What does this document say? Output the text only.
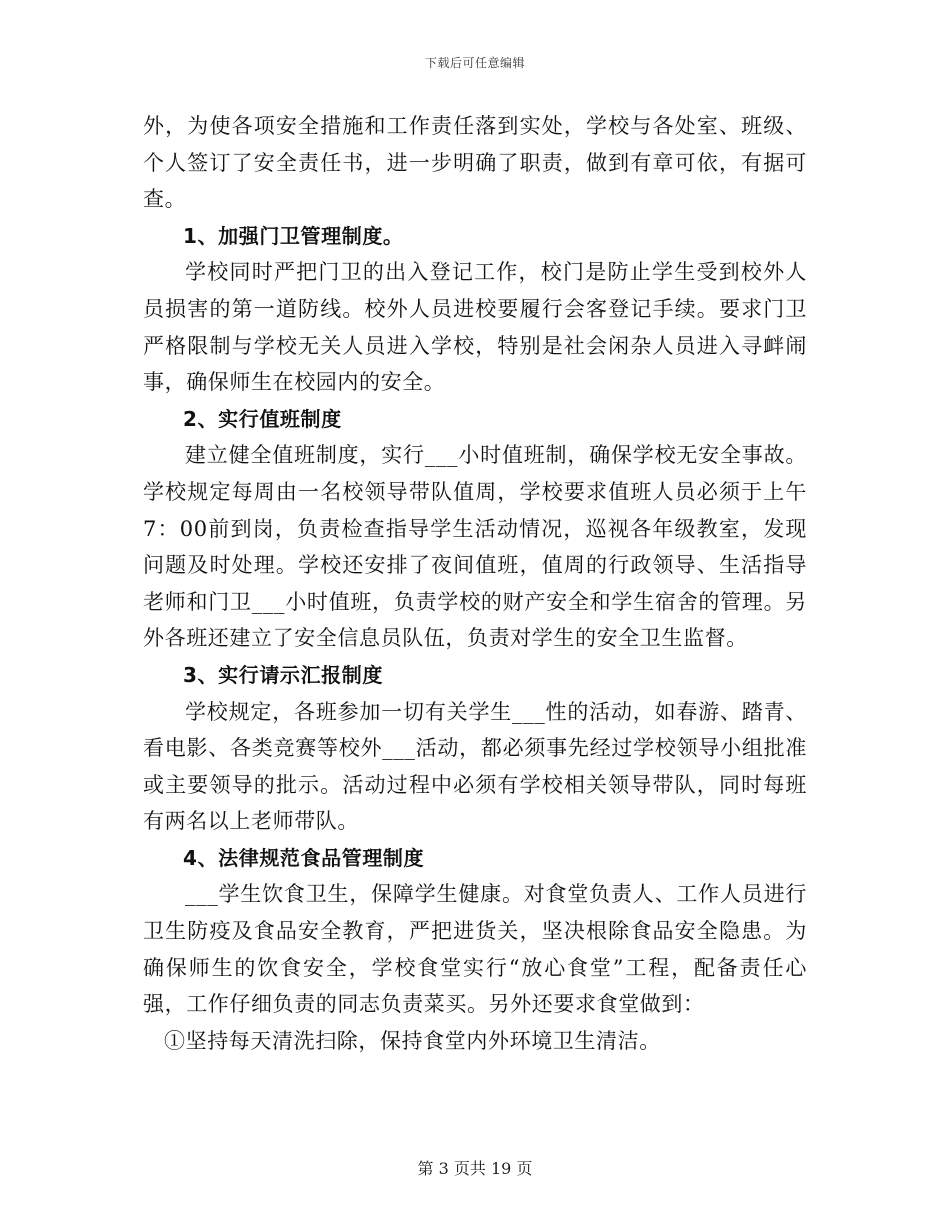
下载后可任意编辑

外，为使各项安全措施和工作责任落到实处，学校与各处室、班级、个人签订了安全责任书，进一步明确了职责，做到有章可依，有据可查。

1、加强门卫管理制度。

学校同时严把门卫的出入登记工作，校门是防止学生受到校外人员损害的第一道防线。校外人员进校要履行会客登记手续。要求门卫严格限制与学校无关人员进入学校，特别是社会闲杂人员进入寻衅闹事，确保师生在校园内的安全。

2、实行值班制度

建立健全值班制度，实行___小时值班制，确保学校无安全事故。学校规定每周由一名校领导带队值周，学校要求值班人员必须于上午7：00前到岗，负责检查指导学生活动情况，巡视各年级教室，发现问题及时处理。学校还安排了夜间值班，值周的行政领导、生活指导老师和门卫___小时值班，负责学校的财产安全和学生宿舍的管理。另外各班还建立了安全信息员队伍，负责对学生的安全卫生监督。

3、实行请示汇报制度

学校规定，各班参加一切有关学生___性的活动，如春游、踏青、看电影、各类竞赛等校外___活动，都必须事先经过学校领导小组批准或主要领导的批示。活动过程中必须有学校相关领导带队，同时每班有两名以上老师带队。

4、法律规范食品管理制度

___学生饮食卫生，保障学生健康。对食堂负责人、工作人员进行卫生防疫及食品安全教育，严把进货关，坚决根除食品安全隐患。为确保师生的饮食安全，学校食堂实行“放心食堂”工程，配备责任心强，工作仔细负责的同志负责菜买。另外还要求食堂做到：

①坚持每天清洗扫除，保持食堂内外环境卫生清洁。

第 3 页共 19 页
